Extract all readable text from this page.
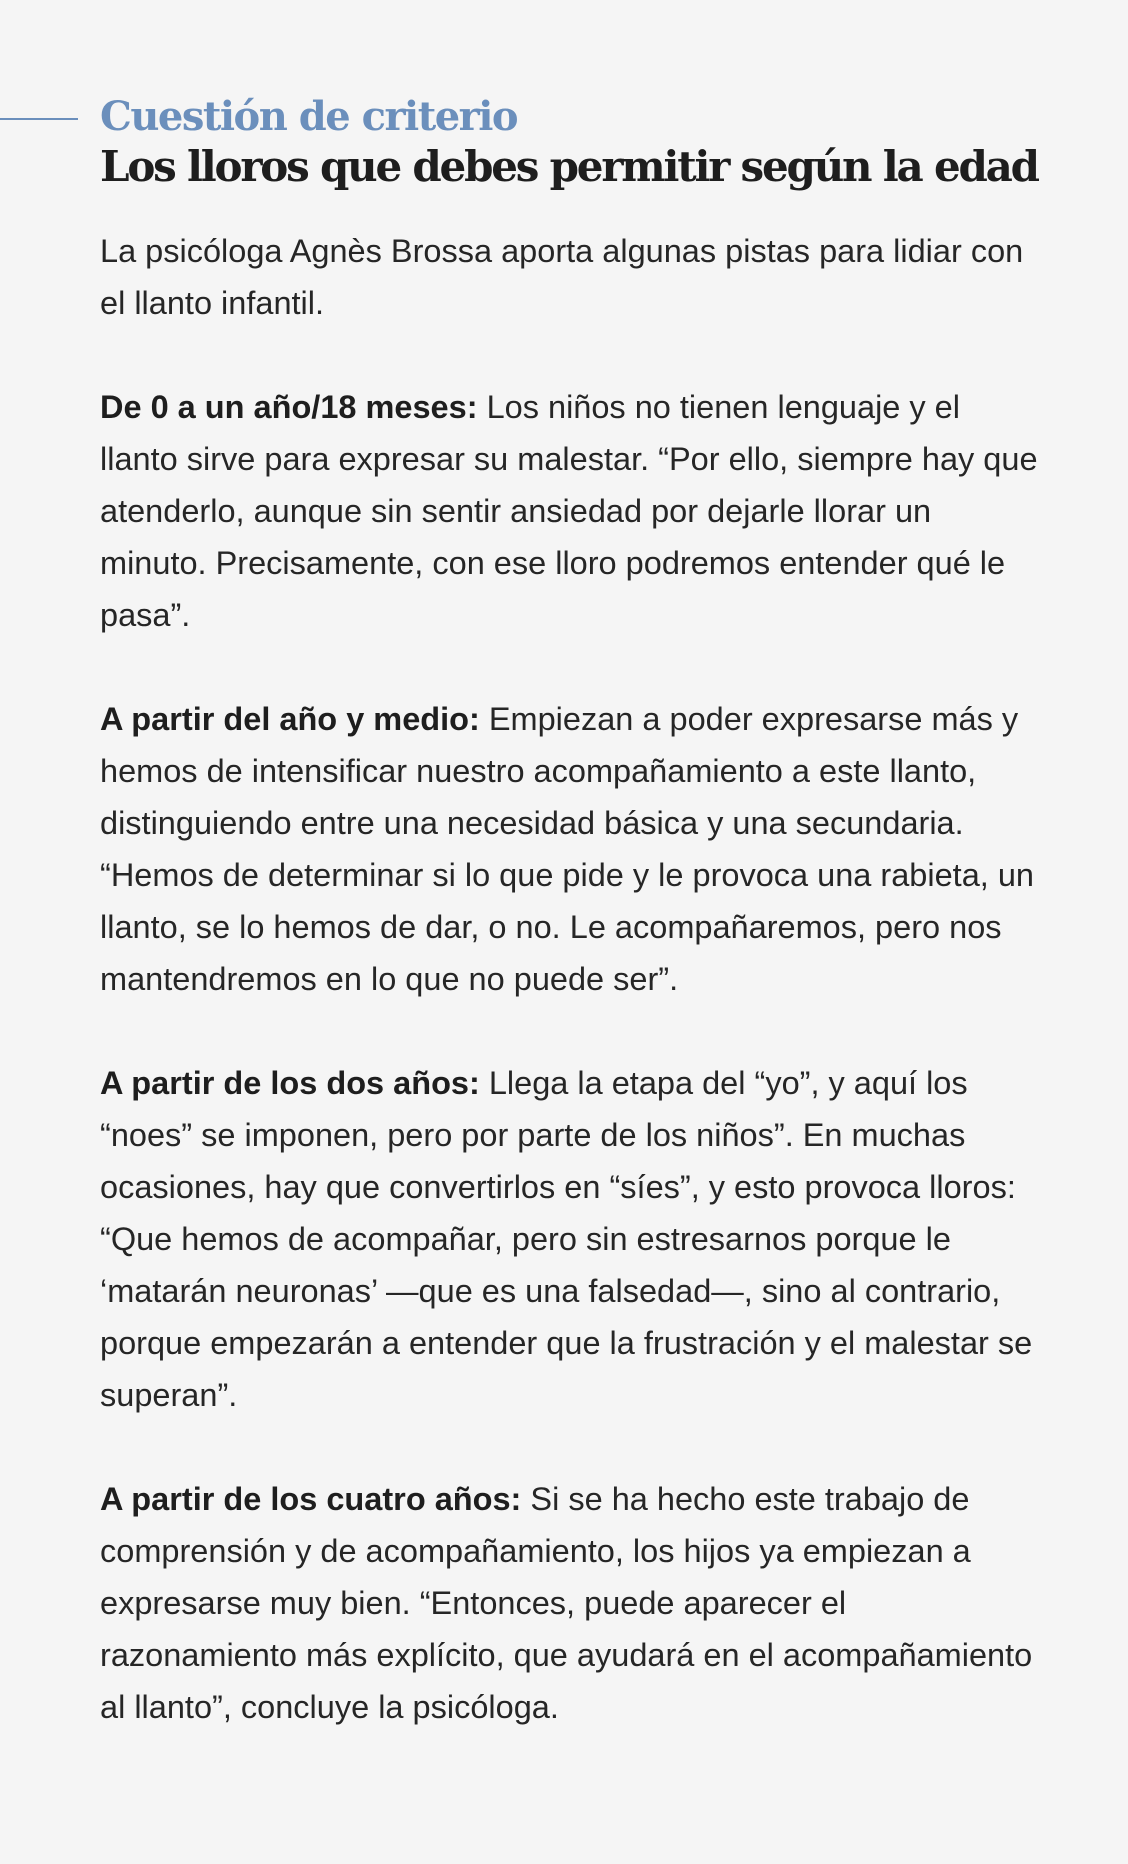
Cuestión de criterio
Los lloros que debes permitir según la edad

La psicóloga Agnès Brossa aporta algunas pistas para lidiar con el llanto infantil.

De 0 a un año/18 meses: Los niños no tienen lenguaje y el llanto sirve para expresar su malestar. “Por ello, siempre hay que atenderlo, aunque sin sentir ansiedad por dejarle llorar un minuto. Precisamente, con ese lloro podremos entender qué le pasa”.

A partir del año y medio: Empiezan a poder expresarse más y hemos de intensificar nuestro acompañamiento a este llanto, distinguiendo entre una necesidad básica y una secundaria. “Hemos de determinar si lo que pide y le provoca una rabieta, un llanto, se lo hemos de dar, o no. Le acompañaremos, pero nos mantendremos en lo que no puede ser”.

A partir de los dos años: Llega la etapa del “yo”, y aquí los “noes” se imponen, pero por parte de los niños”. En muchas ocasiones, hay que convertirlos en “síes”, y esto provoca lloros: “Que hemos de acompañar, pero sin estresarnos porque le ‘matarán neuronas’ —que es una falsedad—, sino al contrario, porque empezarán a entender que la frustración y el malestar se superan”.

A partir de los cuatro años: Si se ha hecho este trabajo de comprensión y de acompañamiento, los hijos ya empiezan a expresarse muy bien. “Entonces, puede aparecer el razonamiento más explícito, que ayudará en el acompañamiento al llanto”, concluye la psicóloga.
